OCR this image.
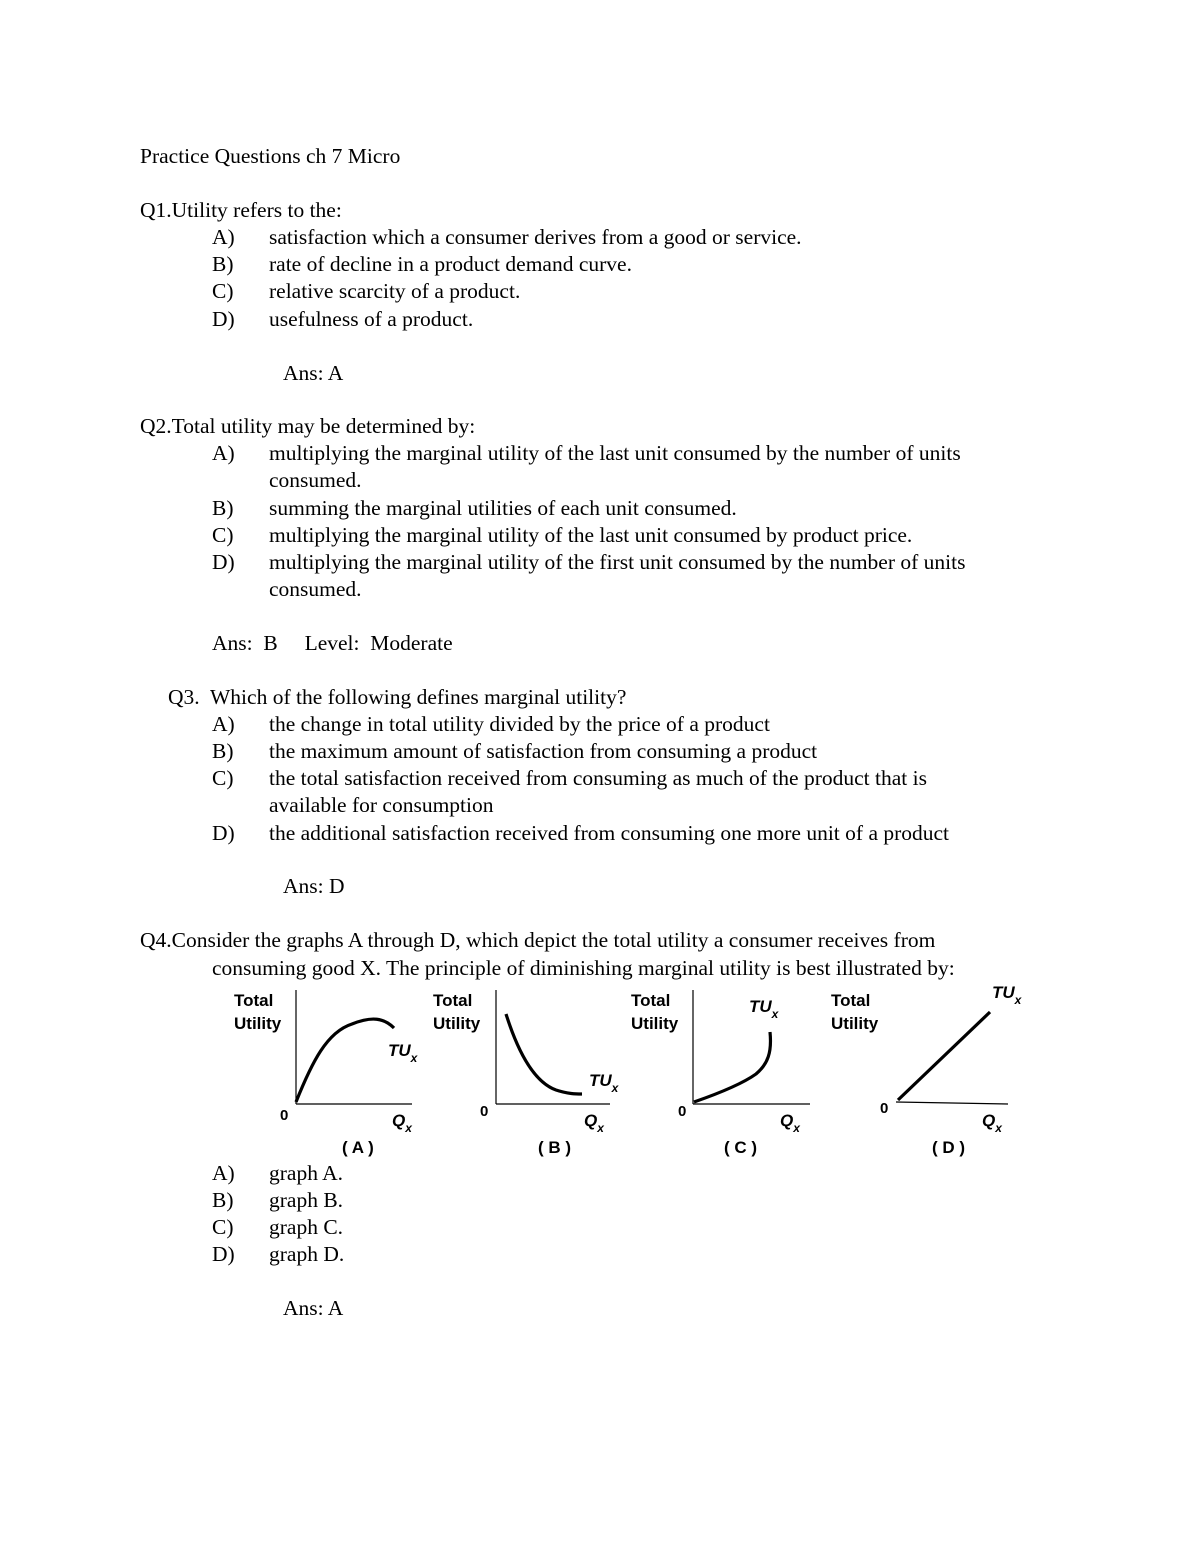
Practice Questions ch 7 Micro
Q1.Utility refers to the:
A) satisfaction which a consumer derives from a good or service.
B) rate of decline in a product demand curve.
C) relative scarcity of a product.
D) usefulness of a product.
Ans: A
Q2.Total utility may be determined by:
A) multiplying the marginal utility of the last unit consumed by the number of units
consumed.
B) summing the marginal utilities of each unit consumed.
C) multiplying the marginal utility of the last unit consumed by product price.
D) multiplying the marginal utility of the first unit consumed by the number of units
consumed.
Ans:  B     Level:  Moderate
Q3.  Which of the following defines marginal utility?
A) the change in total utility divided by the price of a product
B) the maximum amount of satisfaction from consuming a product
C) the total satisfaction received from consuming as much of the product that is
available for consumption
D) the additional satisfaction received from consuming one more unit of a product
Ans: D
Q4.Consider the graphs A through D, which depict the total utility a consumer receives from
consuming good X. The principle of diminishing marginal utility is best illustrated by:
Total
Utility
$TU_x$
0	$Q_x$
( A )
Total
Utility
$TU_x$
0	$Q_x$
( B )
Total
Utility
$TU_x$
0	$Q_x$
( C )
Total
Utility
$TU_x$
0
$Q_x$
( D )
A) graph A.
B) graph B.
C) graph C.
D) graph D.
Ans: A
